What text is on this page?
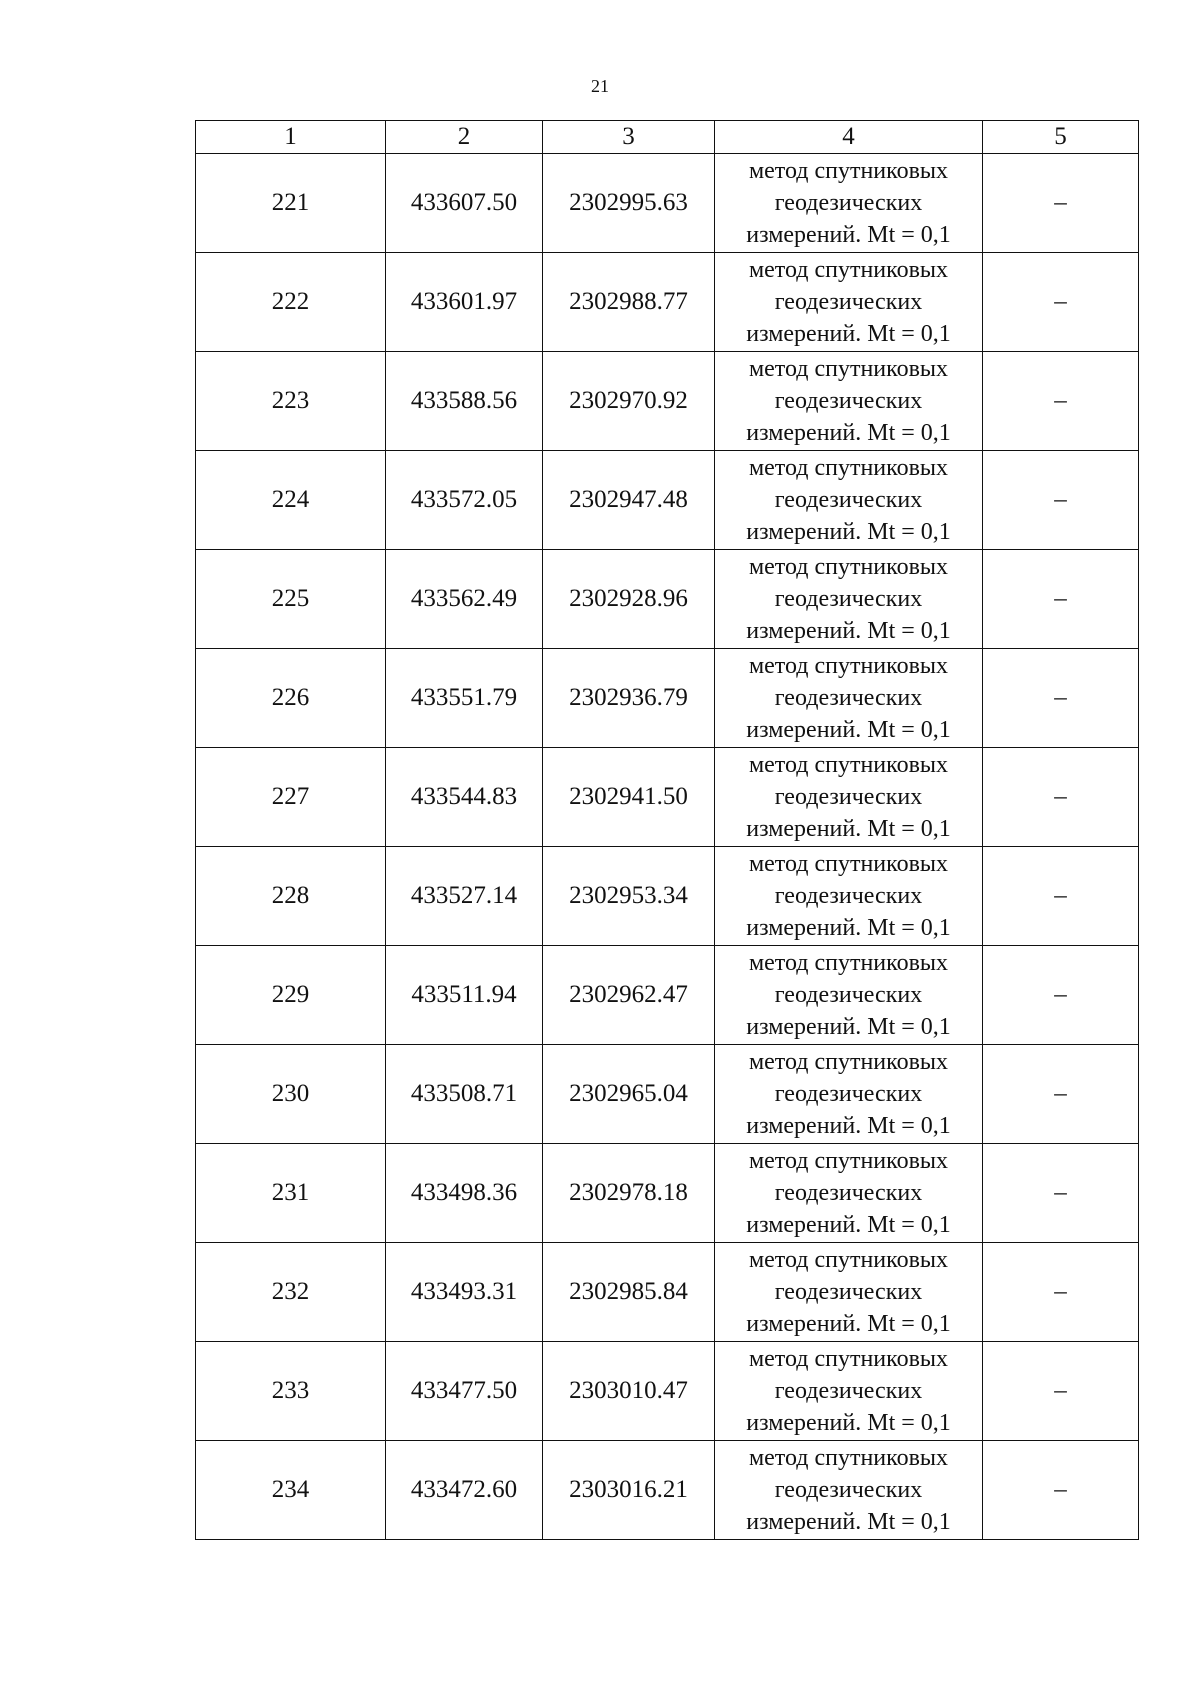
21
1	2	3	4	5
221	433607.50	2302995.63	метод спутниковых
геодезических
измерений. Mt = 0,1	–
222	433601.97	2302988.77	метод спутниковых
геодезических
измерений. Mt = 0,1	–
223	433588.56	2302970.92	метод спутниковых
геодезических
измерений. Mt = 0,1	–
224	433572.05	2302947.48	метод спутниковых
геодезических
измерений. Mt = 0,1	–
225	433562.49	2302928.96	метод спутниковых
геодезических
измерений. Mt = 0,1	–
226	433551.79	2302936.79	метод спутниковых
геодезических
измерений. Mt = 0,1	–
227	433544.83	2302941.50	метод спутниковых
геодезических
измерений. Mt = 0,1	–
228	433527.14	2302953.34	метод спутниковых
геодезических
измерений. Mt = 0,1	–
229	433511.94	2302962.47	метод спутниковых
геодезических
измерений. Mt = 0,1	–
230	433508.71	2302965.04	метод спутниковых
геодезических
измерений. Mt = 0,1	–
231	433498.36	2302978.18	метод спутниковых
геодезических
измерений. Mt = 0,1	–
232	433493.31	2302985.84	метод спутниковых
геодезических
измерений. Mt = 0,1	–
233	433477.50	2303010.47	метод спутниковых
геодезических
измерений. Mt = 0,1	–
234	433472.60	2303016.21	метод спутниковых
геодезических
измерений. Mt = 0,1	–
